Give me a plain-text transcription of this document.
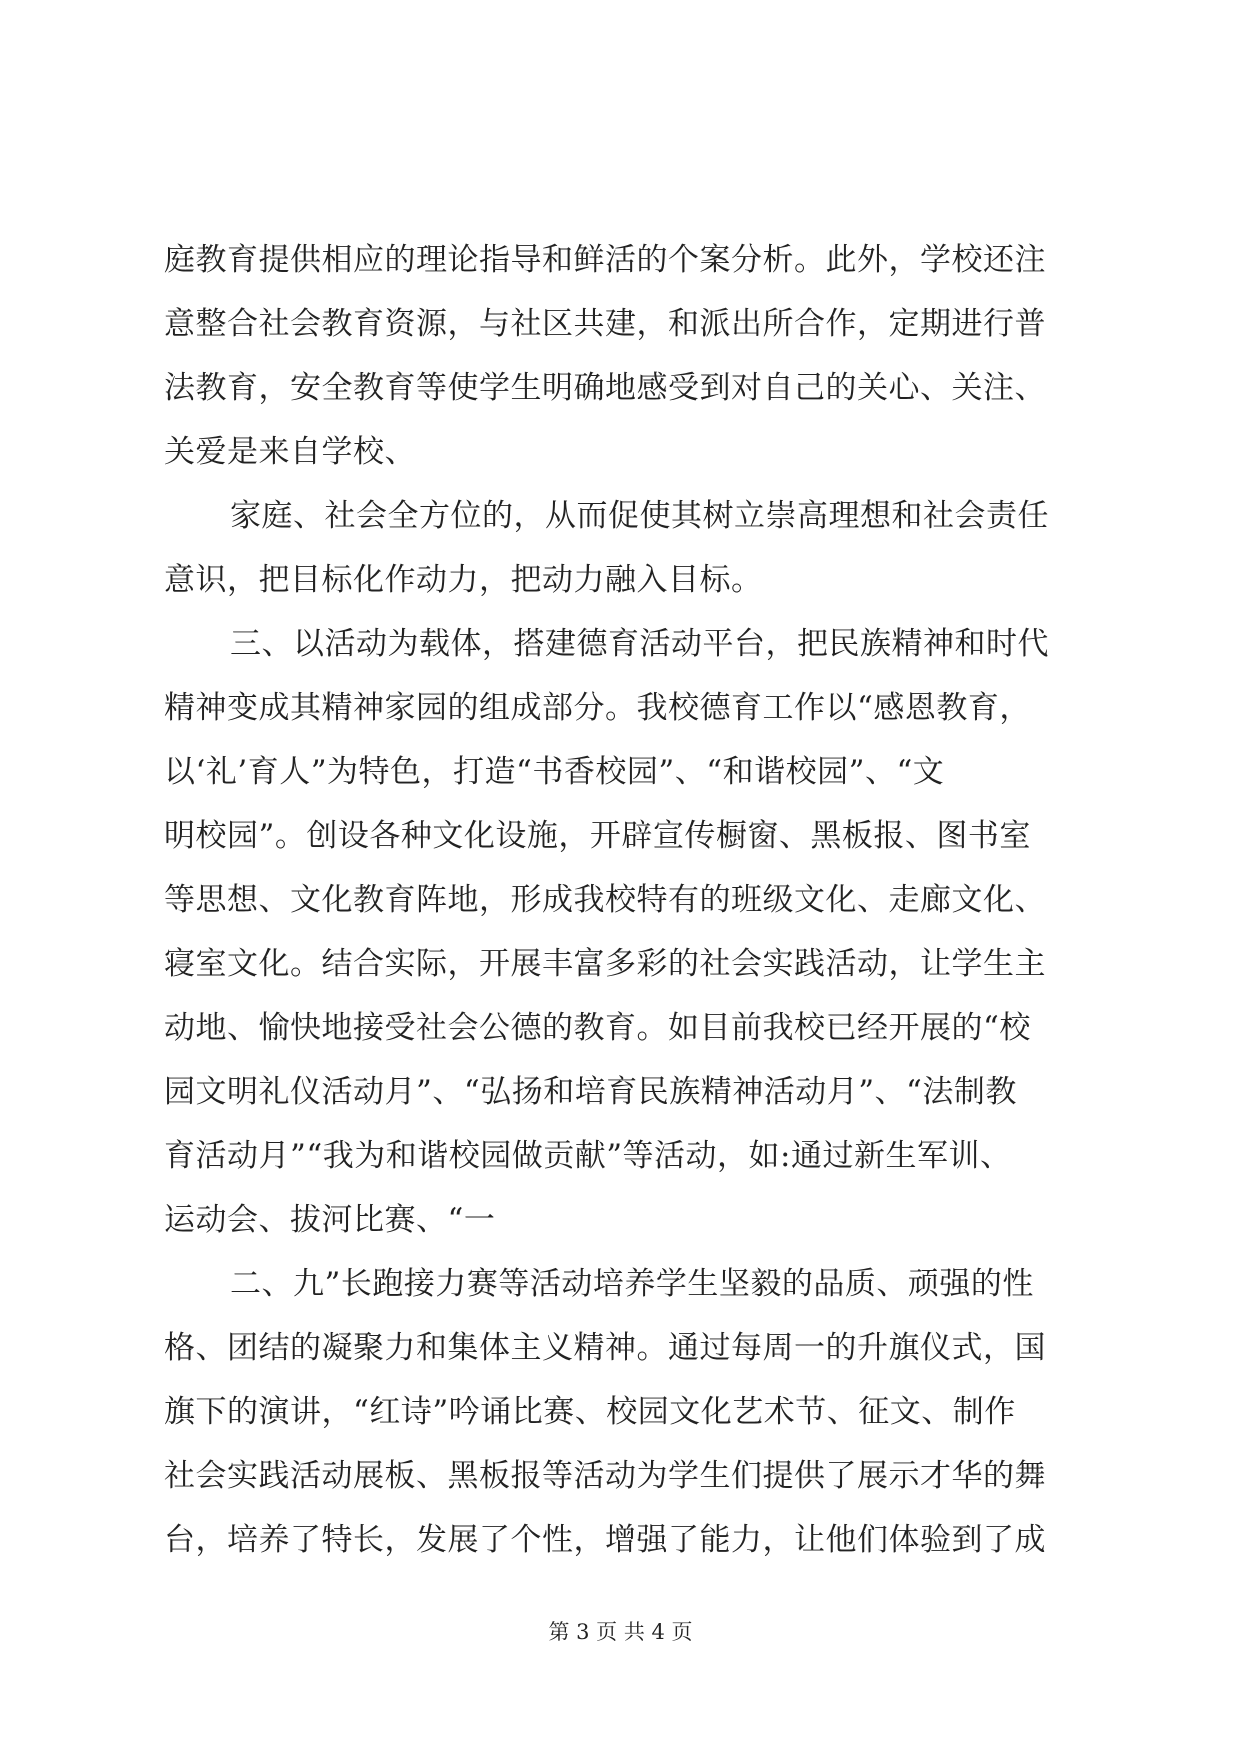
庭教育提供相应的理论指导和鲜活的个案分析。此外，学校还注
意整合社会教育资源，与社区共建，和派出所合作，定期进行普
法教育，安全教育等使学生明确地感受到对自己的关心、关注、
关爱是来自学校、
家庭、社会全方位的，从而促使其树立崇高理想和社会责任
意识，把目标化作动力，把动力融入目标。
三、以活动为载体，搭建德育活动平台，把民族精神和时代
精神变成其精神家园的组成部分。我校德育工作以“感恩教育，
以‘礼’育人”为特色，打造“书香校园”、“和谐校园”、“文
明校园”。创设各种文化设施，开辟宣传橱窗、黑板报、图书室
等思想、文化教育阵地，形成我校特有的班级文化、走廊文化、
寝室文化。结合实际，开展丰富多彩的社会实践活动，让学生主
动地、愉快地接受社会公德的教育。如目前我校已经开展的“校
园文明礼仪活动月”、“弘扬和培育民族精神活动月”、“法制教
育活动月”“我为和谐校园做贡献”等活动，如:通过新生军训、
运动会、拔河比赛、“一
二、九”长跑接力赛等活动培养学生坚毅的品质、顽强的性
格、团结的凝聚力和集体主义精神。通过每周一的升旗仪式，国
旗下的演讲，“红诗”吟诵比赛、校园文化艺术节、征文、制作
社会实践活动展板、黑板报等活动为学生们提供了展示才华的舞
台，培养了特长，发展了个性，增强了能力，让他们体验到了成
第 3 页 共 4 页
